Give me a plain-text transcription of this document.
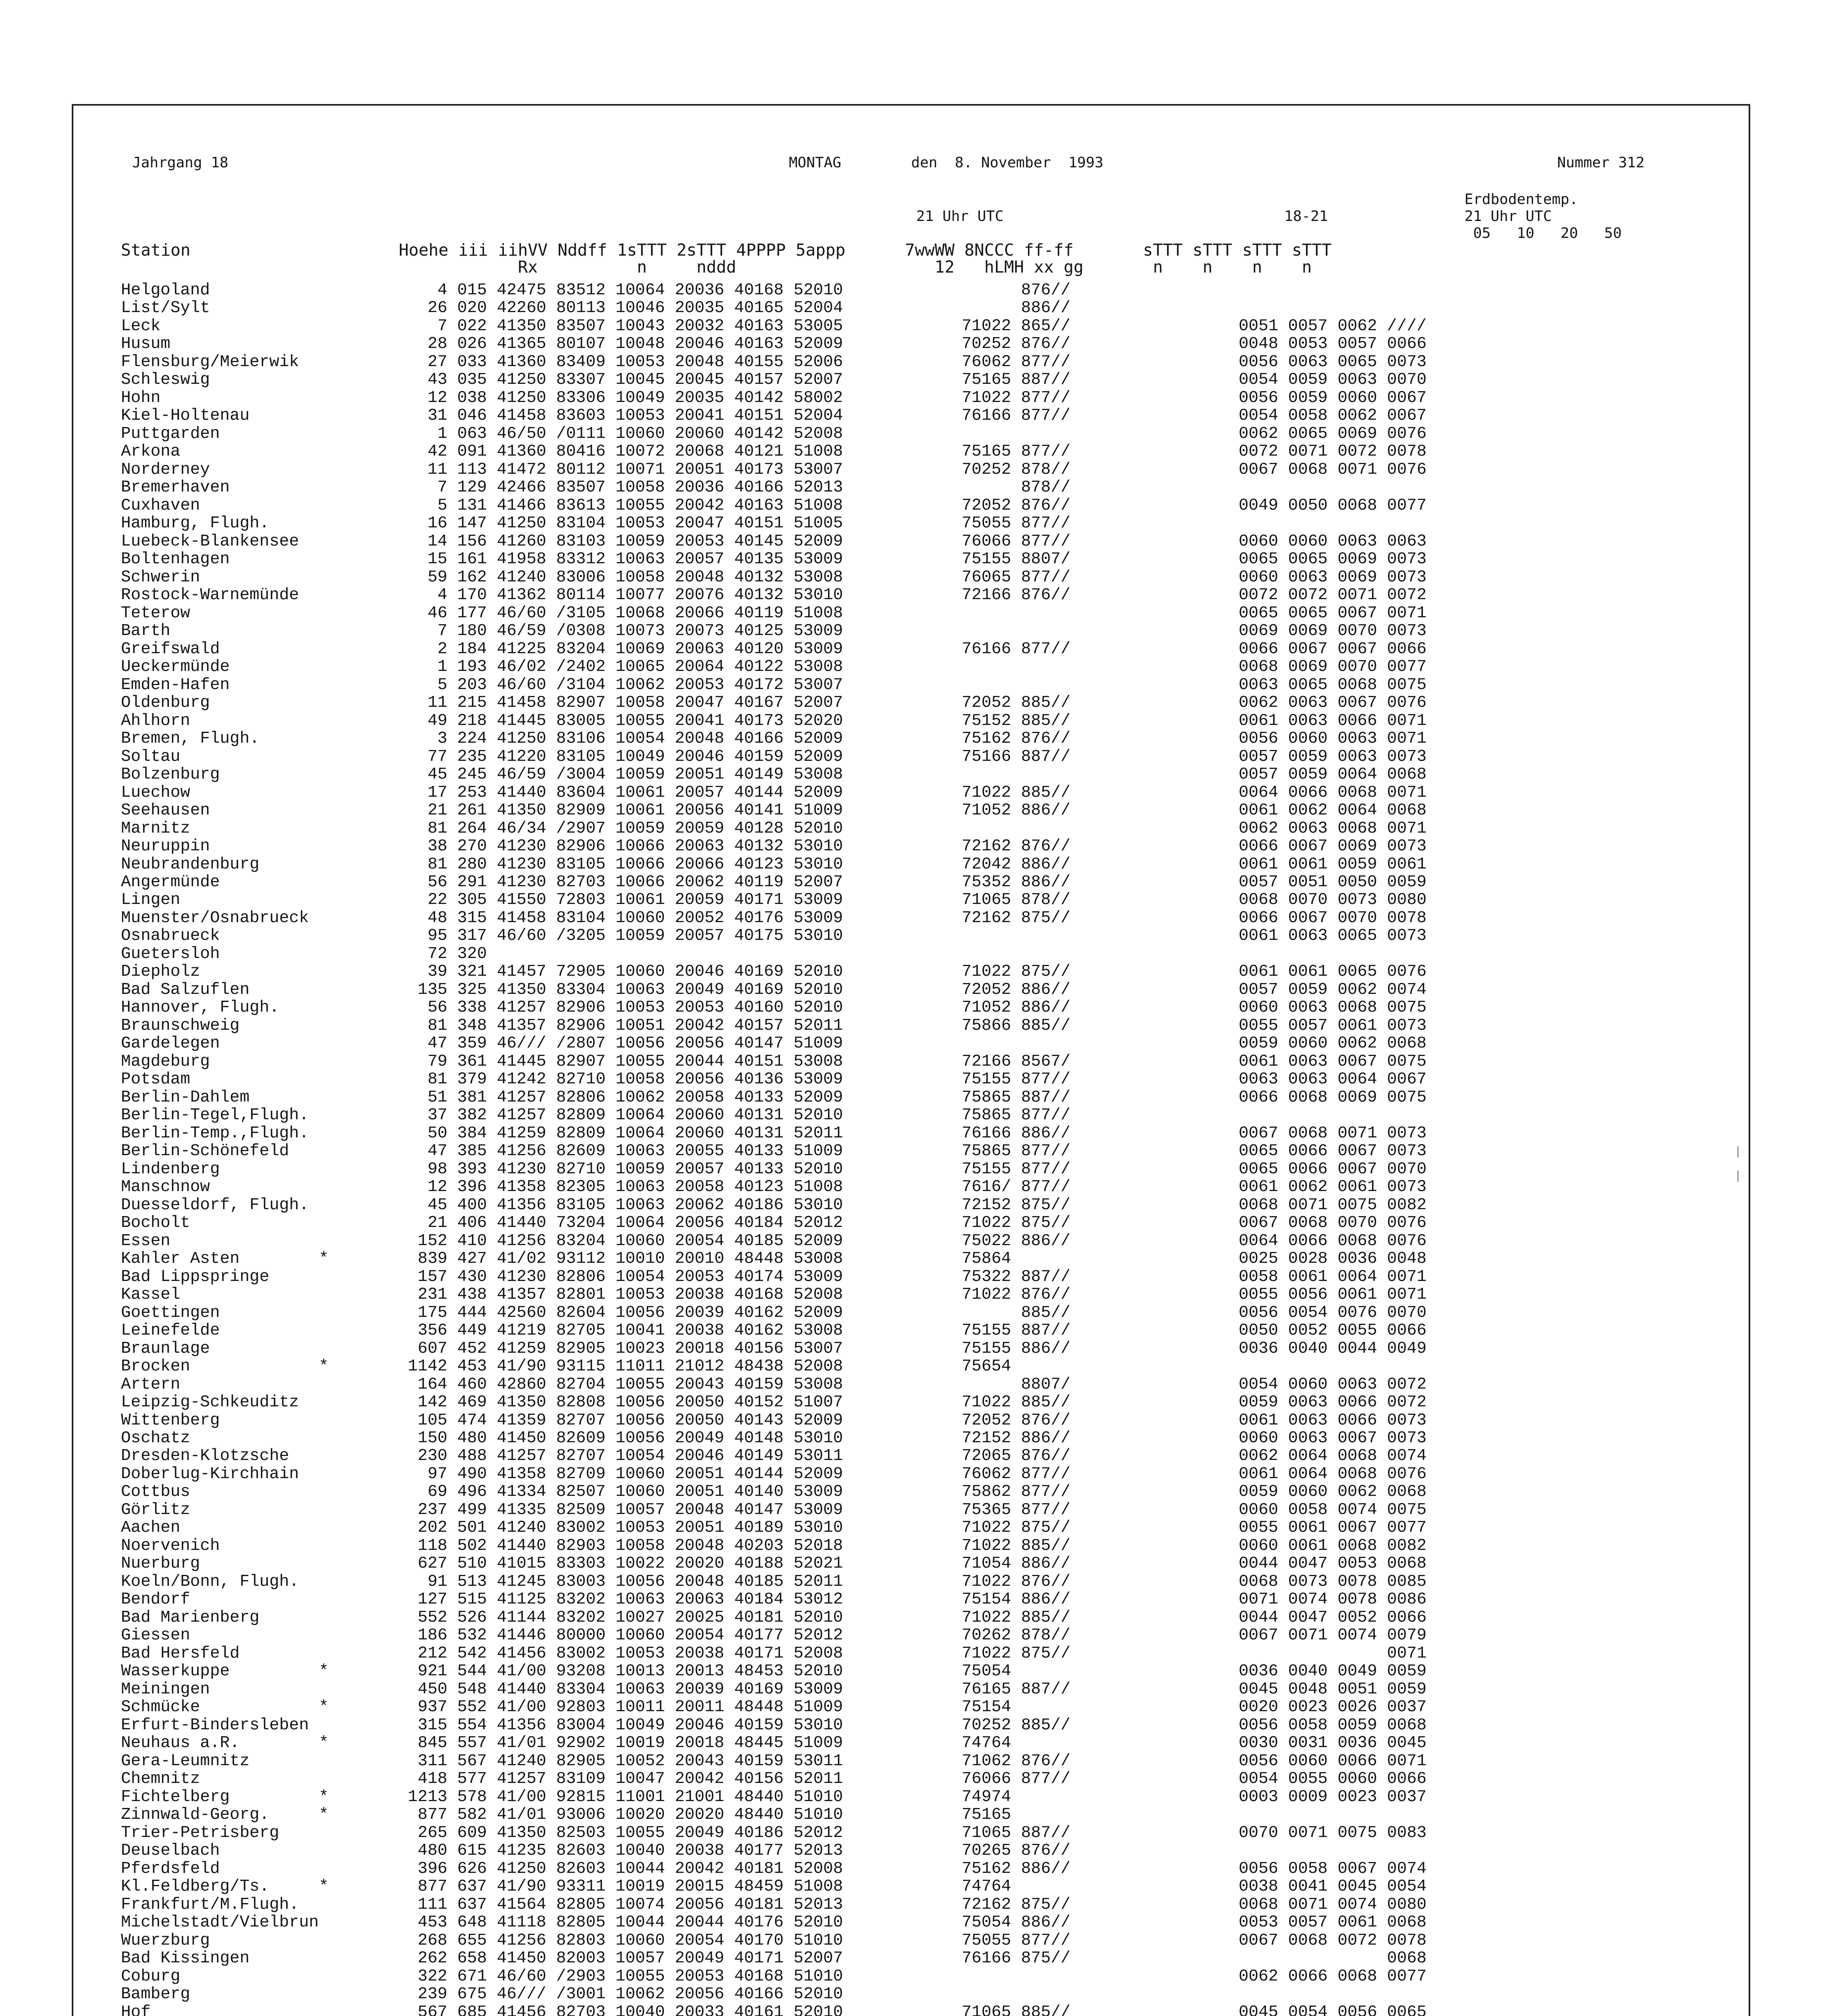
Jahrgang 18	MONTAG        den  8. November  1993	Nummer 312
21 Uhr UTC	18-21
Erdbodentemp.
21 Uhr UTC
05   10   20   50
Station                     Hoehe iii iihVV Nddff 1sTTT 2sTTT 4PPPP 5appp      7wwWW 8NCCC ff-ff       sTTT sTTT sTTT sTTT
Rx          n     nddd                    12   hLMH xx gg       n    n    n    n
Helgoland                       4 015 42475 83512 10064 20036 40168 52010                  876//
List/Sylt                      26 020 42260 80113 10046 20035 40165 52004                  886//
Leck                            7 022 41350 83507 10043 20032 40163 53005            71022 865//                 0051 0057 0062 ////
Husum                          28 026 41365 80107 10048 20046 40163 52009            70252 876//                 0048 0053 0057 0066
Flensburg/Meierwik             27 033 41360 83409 10053 20048 40155 52006            76062 877//                 0056 0063 0065 0073
Schleswig                      43 035 41250 83307 10045 20045 40157 52007            75165 887//                 0054 0059 0063 0070
Hohn                           12 038 41250 83306 10049 20035 40142 58002            71022 877//                 0056 0059 0060 0067
Kiel-Holtenau                  31 046 41458 83603 10053 20041 40151 52004            76166 877//                 0054 0058 0062 0067
Puttgarden                      1 063 46/50 /0111 10060 20060 40142 52008                                        0062 0065 0069 0076
Arkona                         42 091 41360 80416 10072 20068 40121 51008            75165 877//                 0072 0071 0072 0078
Norderney                      11 113 41472 80112 10071 20051 40173 53007            70252 878//                 0067 0068 0071 0076
Bremerhaven                     7 129 42466 83507 10058 20036 40166 52013                  878//
Cuxhaven                        5 131 41466 83613 10055 20042 40163 51008            72052 876//                 0049 0050 0068 0077
Hamburg, Flugh.                16 147 41250 83104 10053 20047 40151 51005            75055 877//
Luebeck-Blankensee             14 156 41260 83103 10059 20053 40145 52009            76066 877//                 0060 0060 0063 0063
Boltenhagen                    15 161 41958 83312 10063 20057 40135 53009            75155 8807/                 0065 0065 0069 0073
Schwerin                       59 162 41240 83006 10058 20048 40132 53008            76065 877//                 0060 0063 0069 0073
Rostock-Warnemünde              4 170 41362 80114 10077 20076 40132 53010            72166 876//                 0072 0072 0071 0072
Teterow                        46 177 46/60 /3105 10068 20066 40119 51008                                        0065 0065 0067 0071
Barth                           7 180 46/59 /0308 10073 20073 40125 53009                                        0069 0069 0070 0073
Greifswald                      2 184 41225 83204 10069 20063 40120 53009            76166 877//                 0066 0067 0067 0066
Ueckermünde                     1 193 46/02 /2402 10065 20064 40122 53008                                        0068 0069 0070 0077
Emden-Hafen                     5 203 46/60 /3104 10062 20053 40172 53007                                        0063 0065 0068 0075
Oldenburg                      11 215 41458 82907 10058 20047 40167 52007            72052 885//                 0062 0063 0067 0076
Ahlhorn                        49 218 41445 83005 10055 20041 40173 52020            75152 885//                 0061 0063 0066 0071
Bremen, Flugh.                  3 224 41250 83106 10054 20048 40166 52009            75162 876//                 0056 0060 0063 0071
Soltau                         77 235 41220 83105 10049 20046 40159 52009            75166 887//                 0057 0059 0063 0073
Bolzenburg                     45 245 46/59 /3004 10059 20051 40149 53008                                        0057 0059 0064 0068
Luechow                        17 253 41440 83604 10061 20057 40144 52009            71022 885//                 0064 0066 0068 0071
Seehausen                      21 261 41350 82909 10061 20056 40141 51009            71052 886//                 0061 0062 0064 0068
Marnitz                        81 264 46/34 /2907 10059 20059 40128 52010                                        0062 0063 0068 0071
Neuruppin                      38 270 41230 82906 10066 20063 40132 53010            72162 876//                 0066 0067 0069 0073
Neubrandenburg                 81 280 41230 83105 10066 20066 40123 53010            72042 886//                 0061 0061 0059 0061
Angermünde                     56 291 41230 82703 10066 20062 40119 52007            75352 886//                 0057 0051 0050 0059
Lingen                         22 305 41550 72803 10061 20059 40171 53009            71065 878//                 0068 0070 0073 0080
Muenster/Osnabrueck            48 315 41458 83104 10060 20052 40176 53009            72162 875//                 0066 0067 0070 0078
Osnabrueck                     95 317 46/60 /3205 10059 20057 40175 53010                                        0061 0063 0065 0073
Guetersloh                     72 320
Diepholz                       39 321 41457 72905 10060 20046 40169 52010            71022 875//                 0061 0061 0065 0076
Bad Salzuflen                 135 325 41350 83304 10063 20049 40169 52010            72052 886//                 0057 0059 0062 0074
Hannover, Flugh.               56 338 41257 82906 10053 20053 40160 52010            71052 886//                 0060 0063 0068 0075
Braunschweig                   81 348 41357 82906 10051 20042 40157 52011            75866 885//                 0055 0057 0061 0073
Gardelegen                     47 359 46/// /2807 10056 20056 40147 51009                                        0059 0060 0062 0068
Magdeburg                      79 361 41445 82907 10055 20044 40151 53008            72166 8567/                 0061 0063 0067 0075
Potsdam                        81 379 41242 82710 10058 20056 40136 53009            75155 877//                 0063 0063 0064 0067
Berlin-Dahlem                  51 381 41257 82806 10062 20058 40133 52009            75865 887//                 0066 0068 0069 0075
Berlin-Tegel,Flugh.            37 382 41257 82809 10064 20060 40131 52010            75865 877//
Berlin-Temp.,Flugh.            50 384 41259 82809 10064 20060 40131 52011            76166 886//                 0067 0068 0071 0073
Berlin-Schönefeld              47 385 41256 82609 10063 20055 40133 51009            75865 877//                 0065 0066 0067 0073
Lindenberg                     98 393 41230 82710 10059 20057 40133 52010            75155 877//                 0065 0066 0067 0070
Manschnow                      12 396 41358 82305 10063 20058 40123 51008            7616/ 877//                 0061 0062 0061 0073
Duesseldorf, Flugh.            45 400 41356 83105 10063 20062 40186 53010            72152 875//                 0068 0071 0075 0082
Bocholt                        21 406 41440 73204 10064 20056 40184 52012            71022 875//                 0067 0068 0070 0076
Essen                         152 410 41256 83204 10060 20054 40185 52009            75022 886//                 0064 0066 0068 0076
Kahler Asten        *         839 427 41/02 93112 10010 20010 48448 53008            75864                       0025 0028 0036 0048
Bad Lippspringe               157 430 41230 82806 10054 20053 40174 53009            75322 887//                 0058 0061 0064 0071
Kassel                        231 438 41357 82801 10053 20038 40168 52008            71022 876//                 0055 0056 0061 0071
Goettingen                    175 444 42560 82604 10056 20039 40162 52009                  885//                 0056 0054 0076 0070
Leinefelde                    356 449 41219 82705 10041 20038 40162 53008            75155 887//                 0050 0052 0055 0066
Braunlage                     607 452 41259 82905 10023 20018 40156 53007            75155 886//                 0036 0040 0044 0049
Brocken             *        1142 453 41/90 93115 11011 21012 48438 52008            75654
Artern                        164 460 42860 82704 10055 20043 40159 53008                  8807/                 0054 0060 0063 0072
Leipzig-Schkeuditz            142 469 41350 82808 10056 20050 40152 51007            71022 885//                 0059 0063 0066 0072
Wittenberg                    105 474 41359 82707 10056 20050 40143 52009            72052 876//                 0061 0063 0066 0073
Oschatz                       150 480 41450 82609 10056 20049 40148 53010            72152 886//                 0060 0063 0067 0073
Dresden-Klotzsche             230 488 41257 82707 10054 20046 40149 53011            72065 876//                 0062 0064 0068 0074
Doberlug-Kirchhain             97 490 41358 82709 10060 20051 40144 52009            76062 877//                 0061 0064 0068 0076
Cottbus                        69 496 41334 82507 10060 20051 40140 53009            75862 877//                 0059 0060 0062 0068
Görlitz                       237 499 41335 82509 10057 20048 40147 53009            75365 877//                 0060 0058 0074 0075
Aachen                        202 501 41240 83002 10053 20051 40189 53010            71022 875//                 0055 0061 0067 0077
Noervenich                    118 502 41440 82903 10058 20048 40203 52018            71022 885//                 0060 0061 0068 0082
Nuerburg                      627 510 41015 83303 10022 20020 40188 52021            71054 886//                 0044 0047 0053 0068
Koeln/Bonn, Flugh.             91 513 41245 83003 10056 20048 40185 52011            71022 876//                 0068 0073 0078 0085
Bendorf                       127 515 41125 83202 10063 20063 40184 53012            75154 886//                 0071 0074 0078 0086
Bad Marienberg                552 526 41144 83202 10027 20025 40181 52010            71022 885//                 0044 0047 0052 0066
Giessen                       186 532 41446 80000 10060 20054 40177 52012            70262 878//                 0067 0071 0074 0079
Bad Hersfeld                  212 542 41456 83002 10053 20038 40171 52008            71022 875//                                0071
Wasserkuppe         *         921 544 41/00 93208 10013 20013 48453 52010            75054                       0036 0040 0049 0059
Meiningen                     450 548 41440 83304 10063 20039 40169 53009            76165 887//                 0045 0048 0051 0059
Schmücke            *         937 552 41/00 92803 10011 20011 48448 51009            75154                       0020 0023 0026 0037
Erfurt-Bindersleben           315 554 41356 83004 10049 20046 40159 53010            70252 885//                 0056 0058 0059 0068
Neuhaus a.R.        *         845 557 41/01 92902 10019 20018 48445 51009            74764                       0030 0031 0036 0045
Gera-Leumnitz                 311 567 41240 82905 10052 20043 40159 53011            71062 876//                 0056 0060 0066 0071
Chemnitz                      418 577 41257 83109 10047 20042 40156 52011            76066 877//                 0054 0055 0060 0066
Fichtelberg         *        1213 578 41/00 92815 11001 21001 48440 51010            74974                       0003 0009 0023 0037
Zinnwald-Georg.     *         877 582 41/01 93006 10020 20020 48440 51010            75165
Trier-Petrisberg              265 609 41350 82503 10055 20049 40186 52012            71065 887//                 0070 0071 0075 0083
Deuselbach                    480 615 41235 82603 10040 20038 40177 52013            70265 876//
Pferdsfeld                    396 626 41250 82603 10044 20042 40181 52008            75162 886//                 0056 0058 0067 0074
Kl.Feldberg/Ts.     *         877 637 41/90 93311 10019 20015 48459 51008            74764                       0038 0041 0045 0054
Frankfurt/M.Flugh.            111 637 41564 82805 10074 20056 40181 52013            72162 875//                 0068 0071 0074 0080
Michelstadt/Vielbrun          453 648 41118 82805 10044 20044 40176 52010            75054 886//                 0053 0057 0061 0068
Wuerzburg                     268 655 41256 82803 10060 20054 40170 51010            75055 877//                 0067 0068 0072 0078
Bad Kissingen                 262 658 41450 82003 10057 20049 40171 52007            76166 875//                                0068
Coburg                        322 671 46/60 /2903 10055 20053 40168 51010                                        0062 0066 0068 0077
Bamberg                       239 675 46/// /3001 10062 20056 40166 52010
Hof                           567 685 41456 82703 10040 20033 40161 52010            71065 885//                 0045 0054 0056 0065
|
|
